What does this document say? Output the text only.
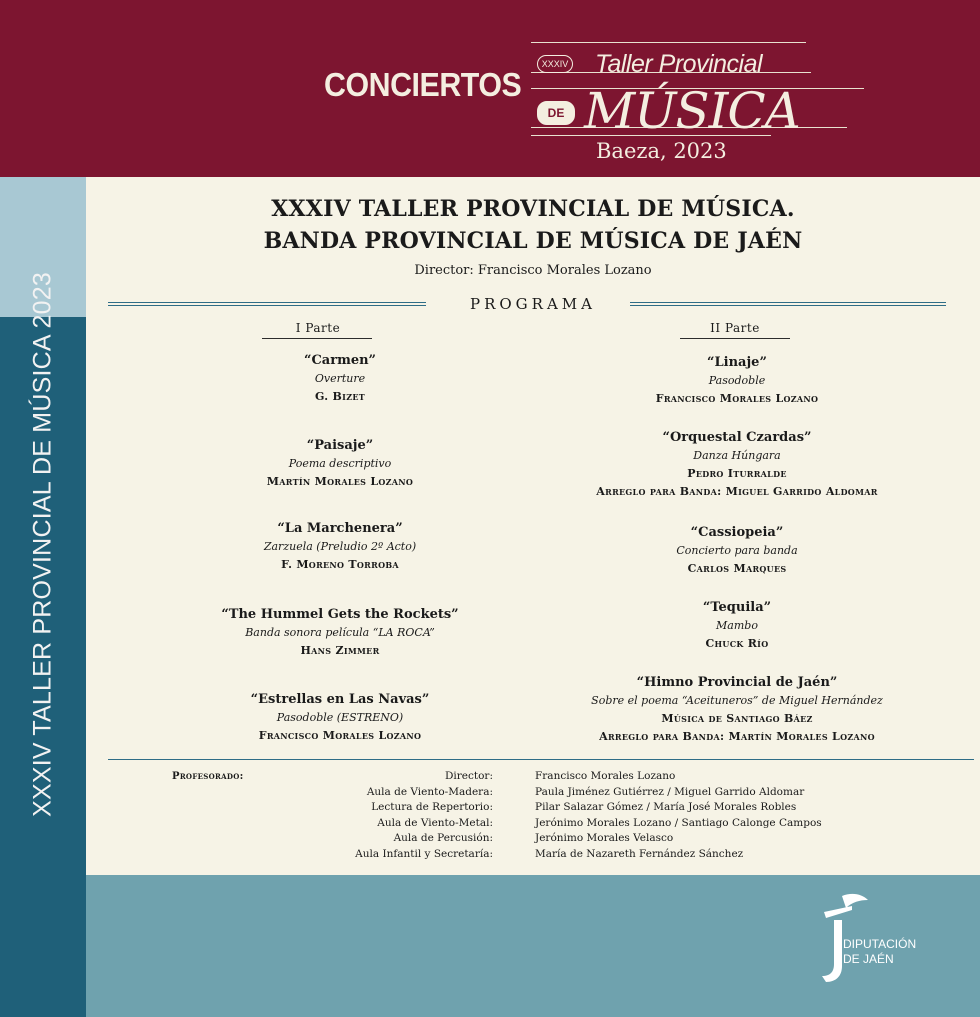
CONCIERTOS
XXXIV
DE
Taller Provincial
MÚSICA
Baeza, 2023
XXXIV TALLER PROVINCIAL DE MÚSICA 2023
XXXIV TALLER PROVINCIAL DE MÚSICA.
BANDA PROVINCIAL DE MÚSICA DE JAÉN
Director: Francisco Morales Lozano
PROGRAMA
I Parte	II Parte
“Carmen”
Overture
G. Bizet
“Paisaje”
Poema descriptivo
Martín Morales Lozano
“La Marchenera”
Zarzuela (Preludio 2º Acto)
F. Moreno Torroba
“The Hummel Gets the Rockets”
Banda sonora película “LA ROCA”
Hans Zimmer
“Estrellas en Las Navas”
Pasodoble (ESTRENO)
Francisco Morales Lozano
“Linaje”
Pasodoble
Francisco Morales Lozano
“Orquestal Czardas”
Danza Húngara
Pedro Iturralde
Arreglo para Banda: Miguel Garrido Aldomar
“Cassiopeia”
Concierto para banda
Carlos Marques
“Tequila”
Mambo
Chuck Río
“Himno Provincial de Jaén”
Sobre el poema “Aceituneros” de Miguel Hernández
Música de Santiago Báez
Arreglo para Banda: Martín Morales Lozano
Profesorado:	Director:	Francisco Morales Lozano
Aula de Viento-Madera:	Paula Jiménez Gutiérrez / Miguel Garrido Aldomar
Lectura de Repertorio:	Pilar Salazar Gómez / María José Morales Robles
Aula de Viento-Metal:	Jerónimo Morales Lozano / Santiago Calonge Campos
Aula de Percusión:	Jerónimo Morales Velasco
Aula Infantil y Secretaría:	María de Nazareth Fernández Sánchez
DIPUTACIÓN
DE JAÉN
